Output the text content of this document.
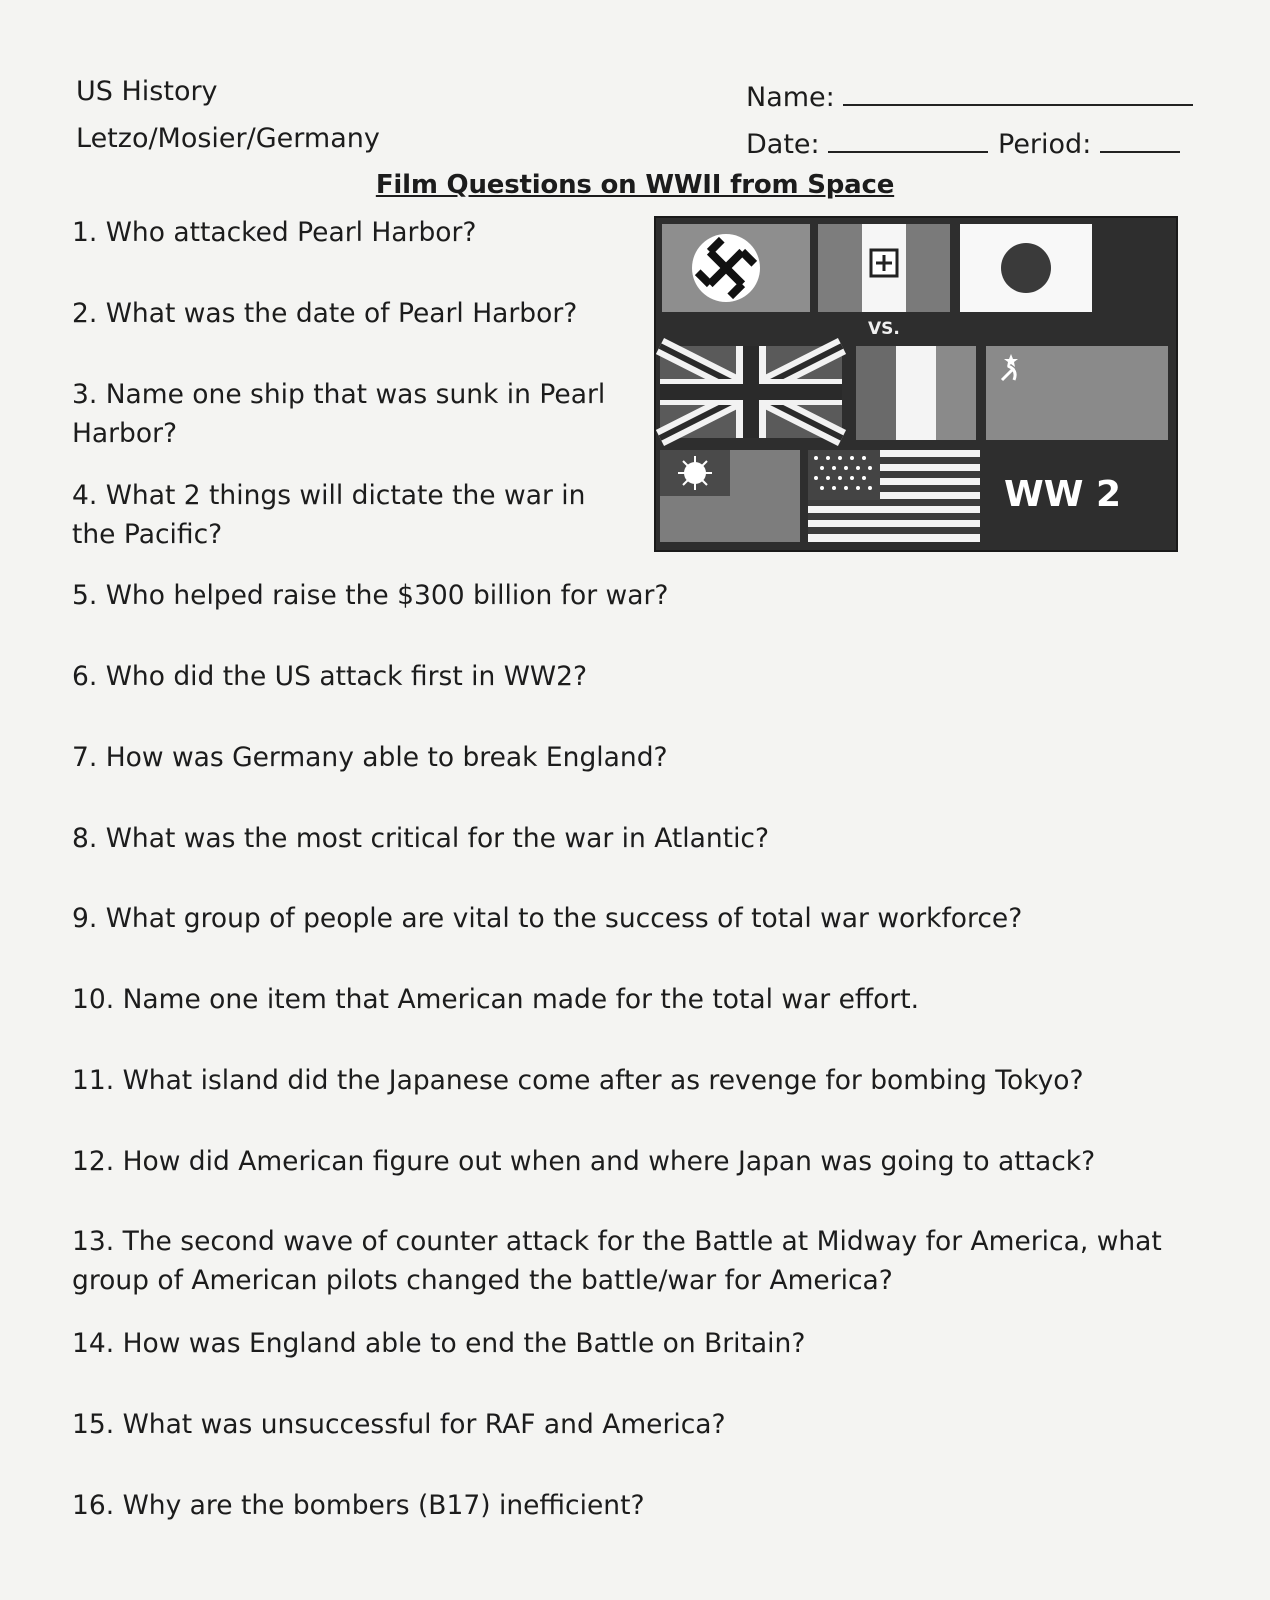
US History
Letzo/Mosier/Germany
Name:
Date:	Period:
Film Questions on WWII from Space
VS.
WW 2
1. Who attacked Pearl Harbor?
2. What was the date of Pearl Harbor?
3. Name one ship that was sunk in Pearl Harbor?
4. What 2 things will dictate the war in the Pacific?
5. Who helped raise the $300 billion for war?
6. Who did the US attack first in WW2?
7. How was Germany able to break England?
8. What was the most critical for the war in Atlantic?
9. What group of people are vital to the success of total war workforce?
10. Name one item that American made for the total war effort.
11. What island did the Japanese come after as revenge for bombing Tokyo?
12. How did American figure out when and where Japan was going to attack?
13. The second wave of counter attack for the Battle at Midway for America, what group of American pilots changed the battle/war for America?
14. How was England able to end the Battle on Britain?
15. What was unsuccessful for RAF and America?
16. Why are the bombers (B17) inefficient?
